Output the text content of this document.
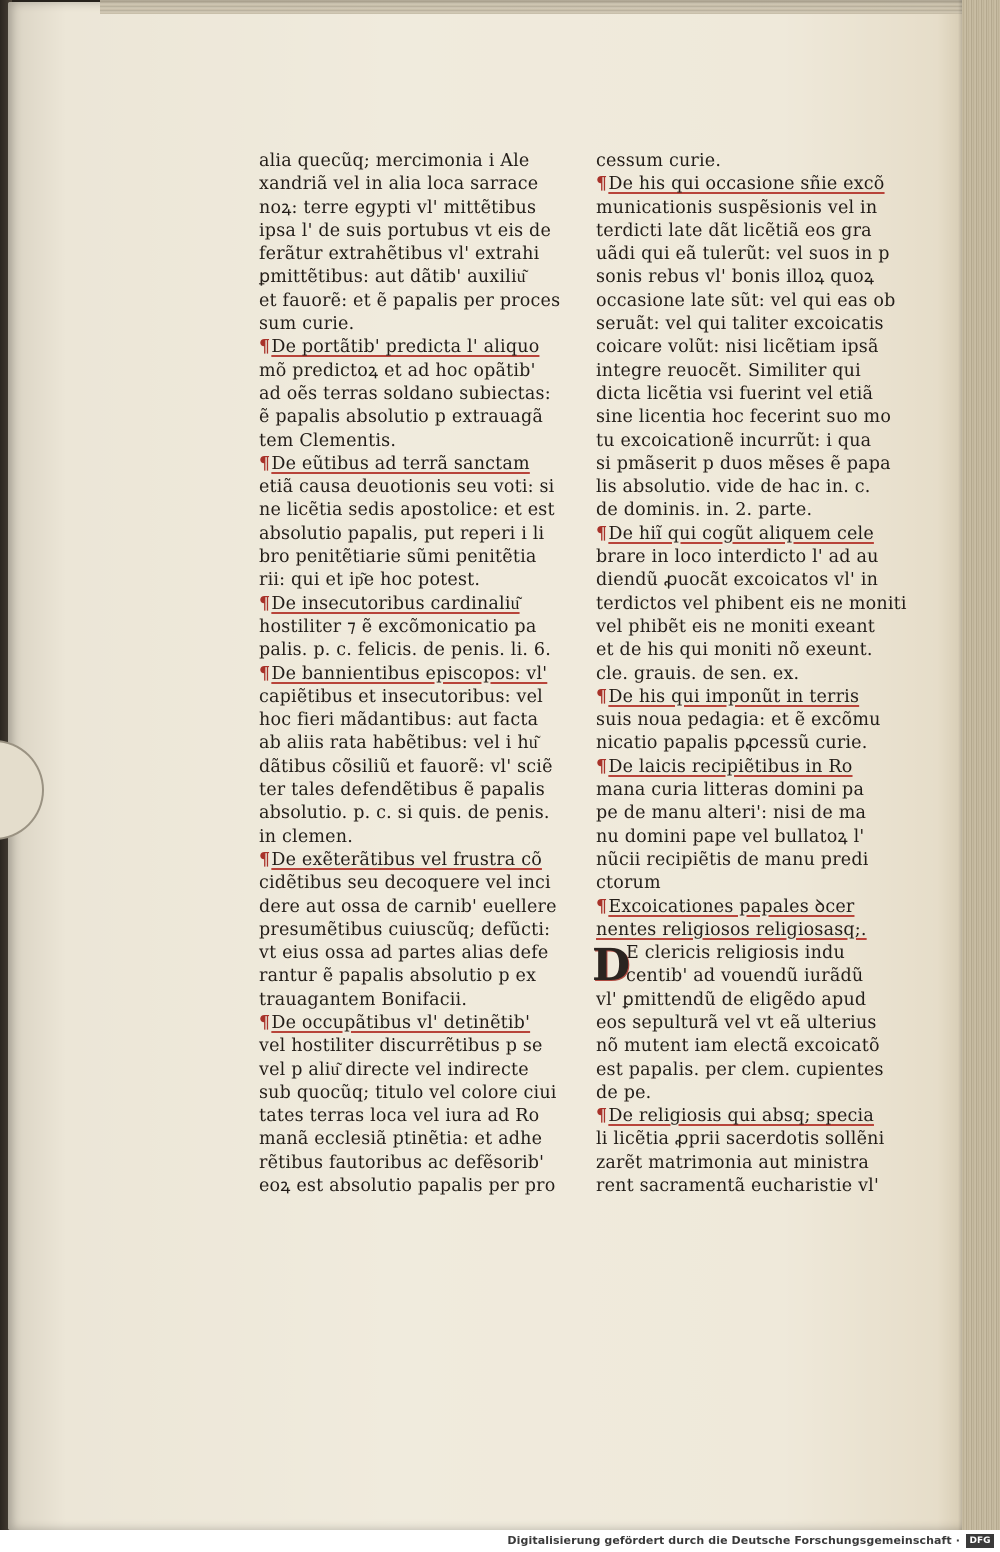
alia quecũq; mercimonia i Ale
xandriã vel in alia loca sarrace
noꝝ: terre egypti vl' mittẽtibus
ipsa l' de suis portubus vt eis de
ferãtur extrahẽtibus vl' extrahi
ꝑmittẽtibus: aut dãtib' auxiliu͂
et fauorẽ: et ẽ papalis per proces
sum curie.
¶De portãtib' predicta l' aliquo
mõ predictoꝝ et ad hoc opãtib'
ad oẽs terras soldano subiectas:
ẽ papalis absolutio p extrauagã
tem Clementis.
¶De eũtibus ad terrã sanctam
etiã causa deuotionis seu voti: si
ne licẽtia sedis apostolice: et est
absolutio papalis, put reperi i li
bro penitẽtiarie sũmi penitẽtia
rii: qui et ip͂e hoc potest.
¶De insecutoribus cardinaliu͂
hostiliter ⁊ ẽ excõmonicatio pa
palis. p. c. felicis. de penis. li. 6.
¶De bannientibus episcopos: vl'
capiẽtibus et insecutoribus: vel
hoc fieri mãdantibus: aut facta
ab aliis rata habẽtibus: vel i hu͂
dãtibus cõsiliũ et fauorẽ: vl' sciẽ
ter tales defendẽtibus ẽ papalis
absolutio. p. c. si quis. de penis.
in clemen.
¶De exẽterãtibus vel frustra cõ
cidẽtibus seu decoquere vel inci
dere aut ossa de carnib' euellere
presumẽtibus cuiuscũq; defũcti:
vt eius ossa ad partes alias defe
rantur ẽ papalis absolutio p ex
trauagantem Bonifacii.
¶De occupãtibus vl' detinẽtib'
vel hostiliter discurrẽtibus p se
vel p aliu͂ directe vel indirecte
sub quocũq; titulo vel colore ciui
tates terras loca vel iura ad Ro
manã ecclesiã ptinẽtia: et adhe
rẽtibus fautoribus ac defẽsorib'
eoꝝ est absolutio papalis per pro
cessum curie.
¶De his qui occasione sñie excõ
municationis suspẽsionis vel in
terdicti late dãt licẽtiã eos gra
uãdi qui eã tulerũt: vel suos in p
sonis rebus vl' bonis illoꝝ quoꝝ
occasione late sũt: vel qui eas ob
seruãt: vel qui taliter excoicatis
coicare volũt: nisi licẽtiam ipsã
integre reuocẽt. Similiter qui
dicta licẽtia vsi fuerint vel etiã
sine licentia hoc fecerint suo mo
tu excoicationẽ incurrũt: i qua
si pmãserit p duos mẽses ẽ papa
lis absolutio. vide de hac in. c.
de dominis. in. 2. parte.
¶De hiĩ qui cogũt aliquem cele
brare in loco interdicto l' ad au
diendũ ꝓuocãt excoicatos vl' in
terdictos vel phibent eis ne moniti
vel phibẽt eis ne moniti exeant
et de his qui moniti nõ exeunt.
cle. grauis. de sen. ex.
¶De his qui imponũt in terris
suis noua pedagia: et ẽ excõmu
nicatio papalis pꝓcessũ curie.
¶De laicis recipiẽtibus in Ro
mana curia litteras domini pa
pe de manu alteri': nisi de ma
nu domini pape vel bullatoꝝ l'
nũcii recipiẽtis de manu predi
ctorum
¶Excoicationes papales ꝺcer
nentes religiosos religiosasq;.
D
E clericis religiosis indu
centib' ad vouendũ iurãdũ
vl' ꝑmittendũ de eligẽdo apud
eos sepulturã vel vt eã ulterius
nõ mutent iam electã excoicatõ
est papalis. per clem. cupientes
de pe.
¶De religiosis qui absq; specia
li licẽtia ꝓprii sacerdotis sollẽni
zarẽt matrimonia aut ministra
rent sacramentã eucharistie vl'
Digitalisierung gefördert durch die Deutsche Forschungsgemeinschaft ·	DFG
